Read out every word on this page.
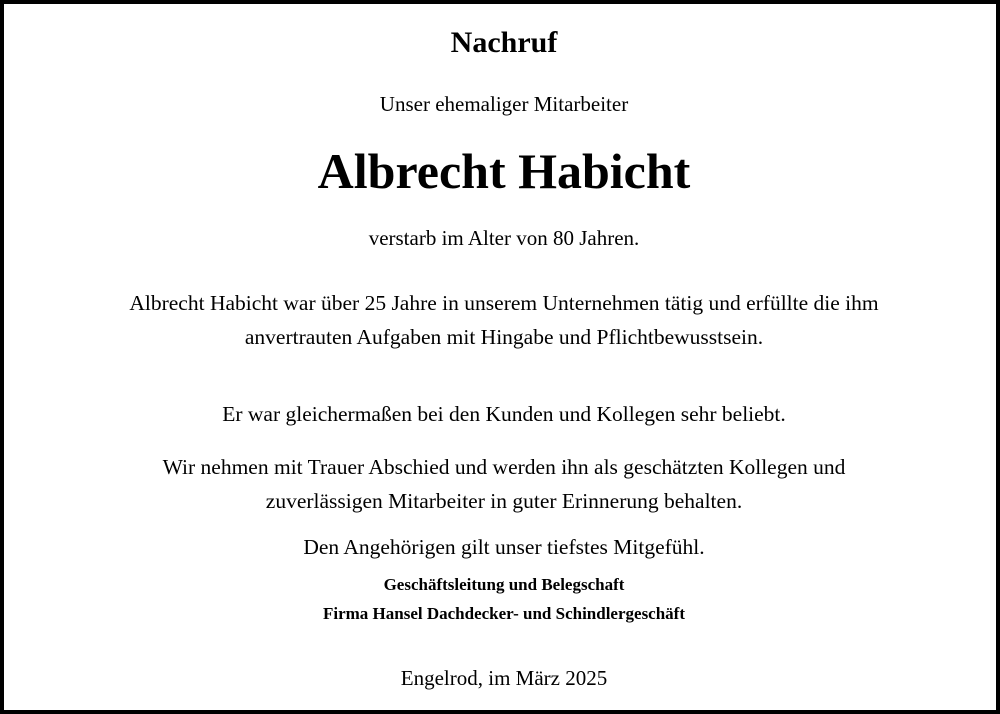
Nachruf
Unser ehemaliger Mitarbeiter
Albrecht Habicht
verstarb im Alter von 80 Jahren.
Albrecht Habicht war über 25 Jahre in unserem Unternehmen tätig und erfüllte die ihm anvertrauten Aufgaben mit Hingabe und Pflichtbewusstsein.
Er war gleichermaßen bei den Kunden und Kollegen sehr beliebt.
Wir nehmen mit Trauer Abschied und werden ihn als geschätzten Kollegen und zuverlässigen Mitarbeiter in guter Erinnerung behalten.
Den Angehörigen gilt unser tiefstes Mitgefühl.
Geschäftsleitung und Belegschaft
Firma Hansel Dachdecker- und Schindlergeschäft
Engelrod, im März 2025
